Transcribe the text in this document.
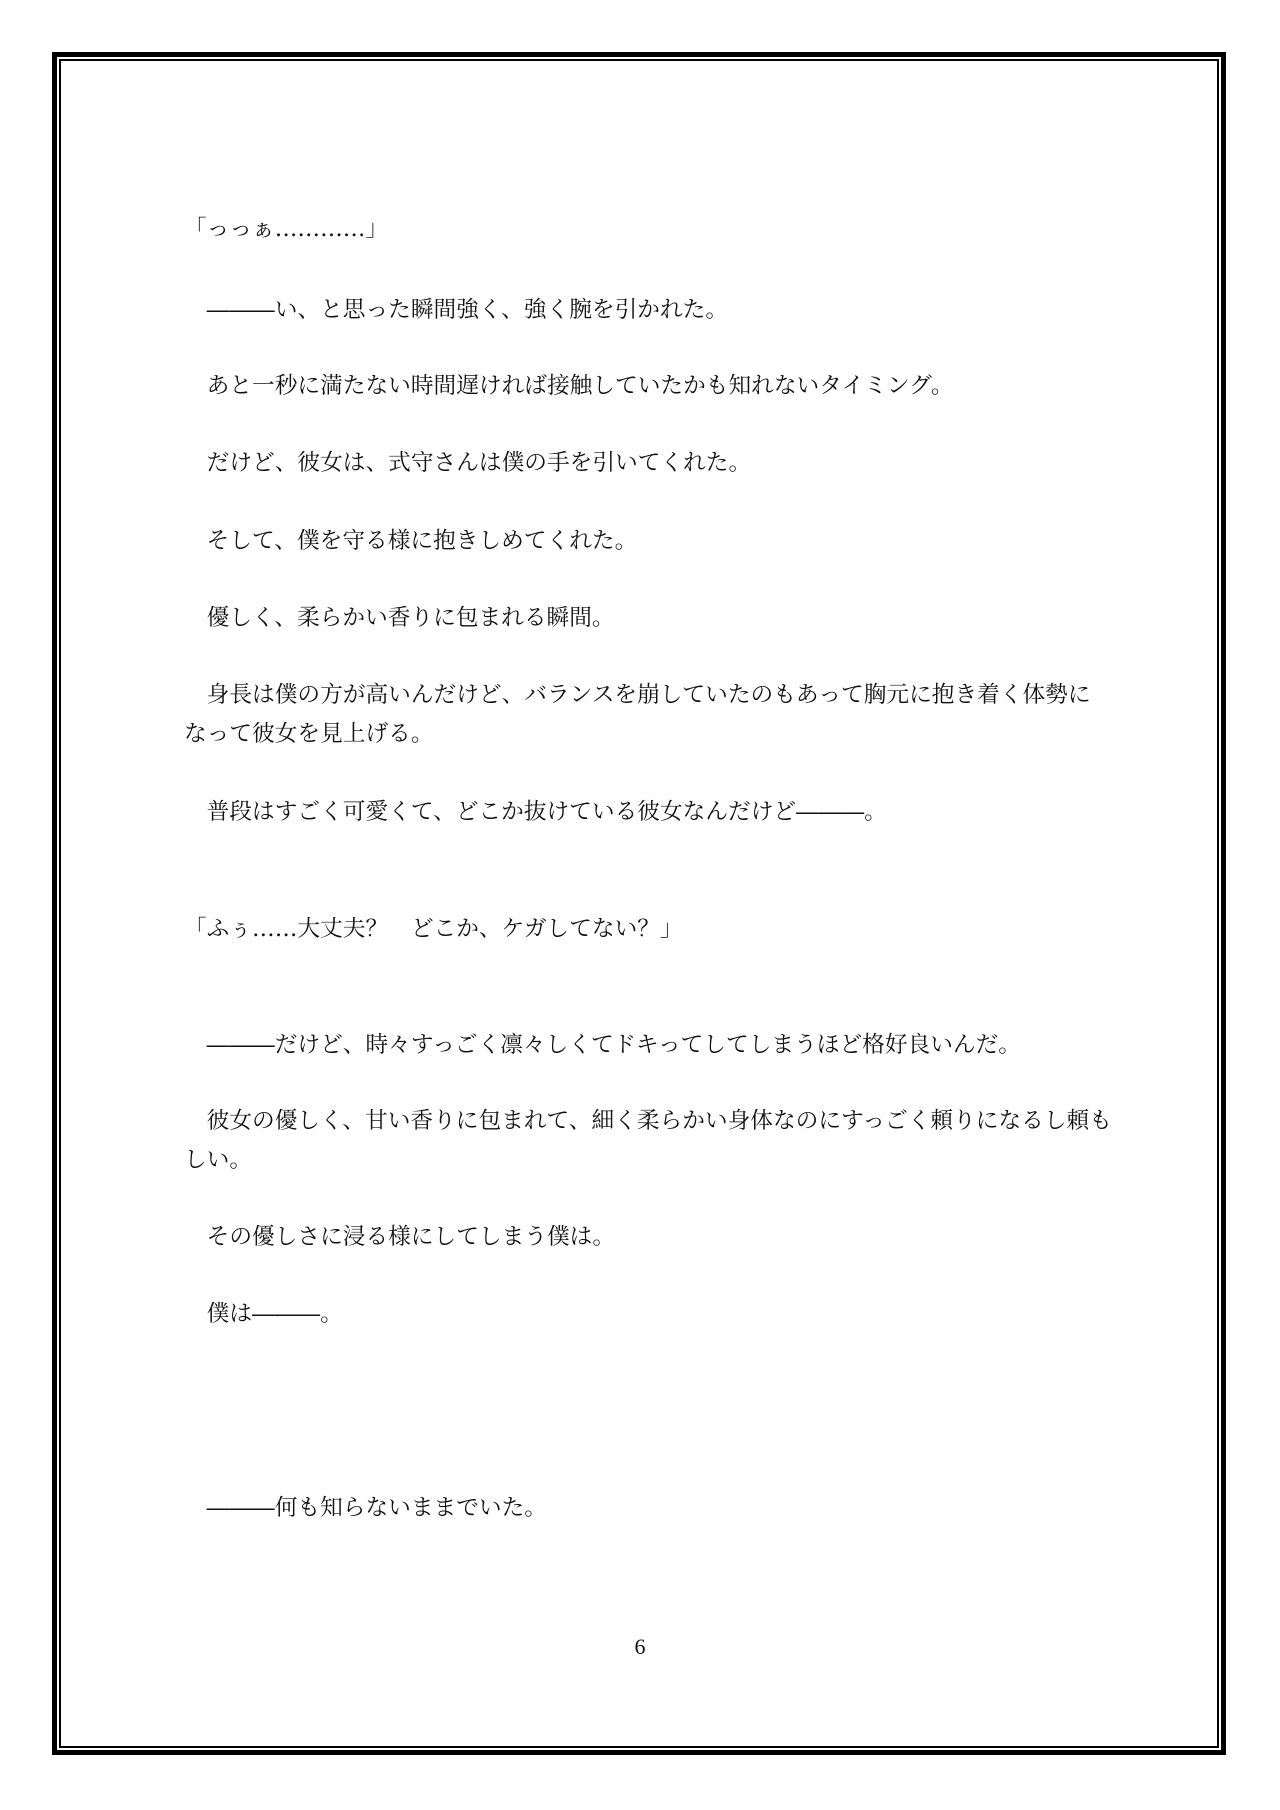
「っっぁ…………」
　―――い、と思った瞬間強く、強く腕を引かれた。
　あと一秒に満たない時間遅ければ接触していたかも知れないタイミング。
　だけど、彼女は、式守さんは僕の手を引いてくれた。
　そして、僕を守る様に抱きしめてくれた。
　優しく、柔らかい香りに包まれる瞬間。
　身長は僕の方が高いんだけど、バランスを崩していたのもあって胸元に抱き着く体勢に
なって彼女を見上げる。
　普段はすごく可愛くて、どこか抜けている彼女なんだけど―――。
「ふぅ……大丈夫？　どこか、ケガしてない？」
　―――だけど、時々すっごく凛々しくてドキってしてしまうほど格好良いんだ。
　彼女の優しく、甘い香りに包まれて、細く柔らかい身体なのにすっごく頼りになるし頼も
しい。
　その優しさに浸る様にしてしまう僕は。
　僕は―――。
　―――何も知らないままでいた。
6
